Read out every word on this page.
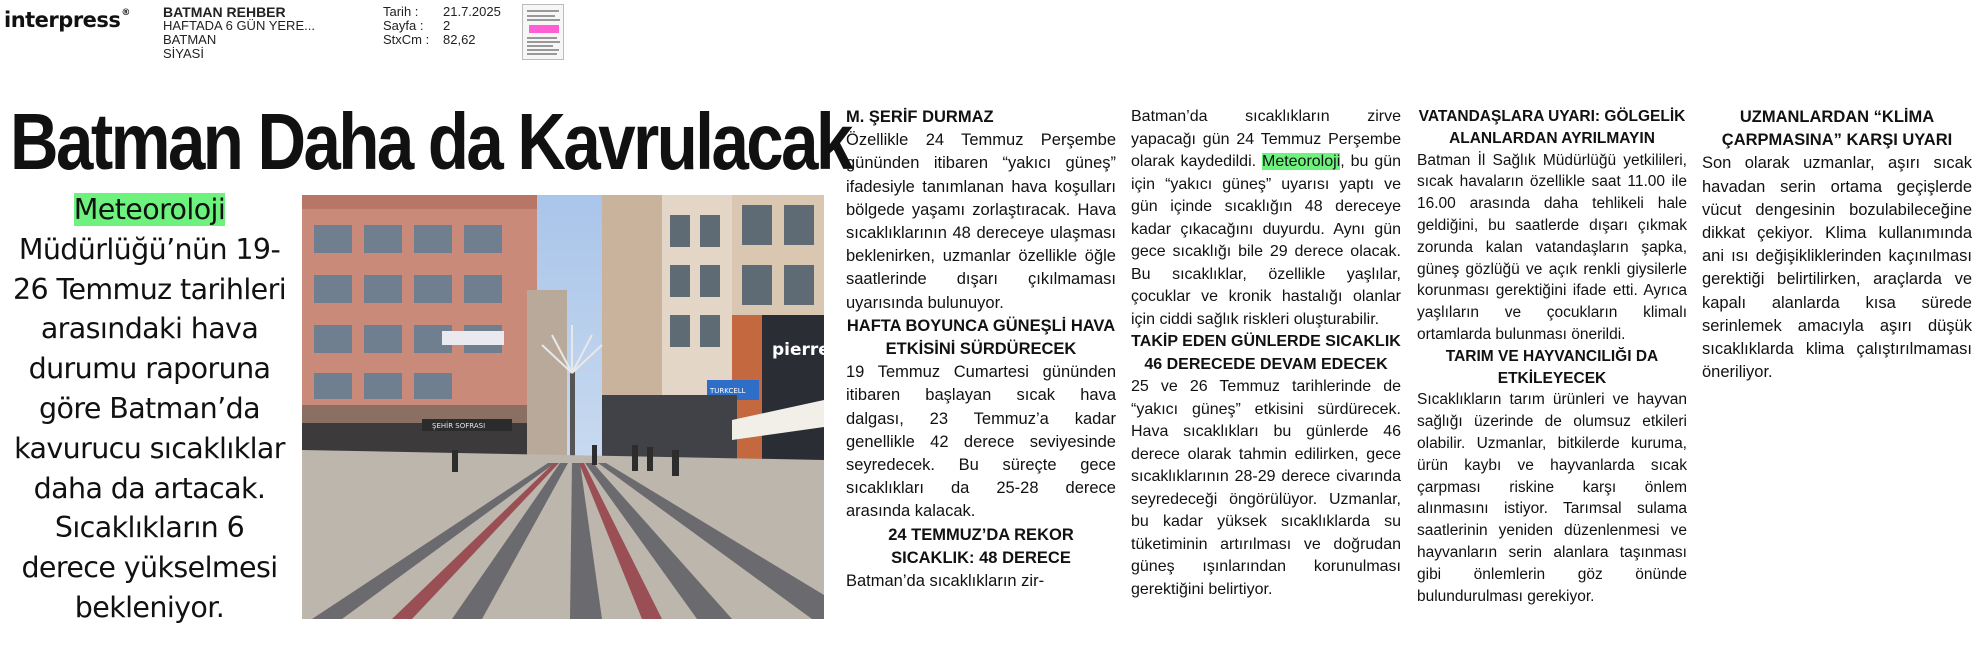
interpress® BATMAN REHBER
HAFTADA 6 GÜN YERE...
BATMAN
SİYASİ
Tarih :	21.7.2025
Sayfa :	2
StxCm :	82,62
Batman Daha da Kavrulacak
Meteoroloji Müdürlüğü’nün 19-26 Temmuz tarihleri arasındaki hava durumu raporuna göre Batman’da kavurucu sıcaklıklar daha da artacak. Sıcaklıkların 6 derece yükselmesi bekleniyor.
ŞEHİR SOFRASI
pierre
TURKCELL

M. ŞERİF DURMAZ

Özellikle 24 Temmuz Perşembe gününden itibaren “yakıcı güneş” ifadesiyle tanımlanan hava koşulları bölgede yaşamı zorlaştıracak. Hava sıcaklıklarının 48 dereceye ulaşması beklenirken, uzmanlar özellikle öğle saatlerinde dışarı çıkılmaması uyarısında bulunuyor.

HAFTA BOYUNCA GÜNEŞLİ HAVA ETKİSİNİ SÜRDÜRECEK

19 Temmuz Cumartesi gününden itibaren başlayan sıcak hava dalgası, 23 Temmuz’a kadar genellikle 42 derece seviyesinde seyredecek. Bu süreçte gece sıcaklıkları da 25-28 derece arasında kalacak.

24 TEMMUZ’DA REKOR SICAKLIK: 48 DERECE

Batman’da sıcaklıkların zir-

Batman’da sıcaklıkların zirve yapacağı gün 24 Temmuz Perşembe olarak kaydedildi. Meteoroloji, bu gün için “yakıcı güneş” uyarısı yaptı ve gün içinde sıcaklığın 48 dereceye kadar çıkacağını duyurdu. Aynı gün gece sıcaklığı bile 29 derece olacak. Bu sıcaklıklar, özellikle yaşlılar, çocuklar ve kronik hastalığı olanlar için ciddi sağlık riskleri oluşturabilir.

TAKİP EDEN GÜNLERDE SICAKLIK 46 DERECEDE DEVAM EDECEK

25 ve 26 Temmuz tarihlerinde de “yakıcı güneş” etkisini sürdürecek. Hava sıcaklıkları bu günlerde 46 derece olarak tahmin edilirken, gece sıcaklıklarının 28-29 derece civarında seyredeceği öngörülüyor. Uzmanlar, bu kadar yüksek sıcaklıklarda su tüketiminin artırılması ve doğrudan güneş ışınlarından korunulması gerektiğini belirtiyor.

VATANDAŞLARA UYARI: GÖLGELİK ALANLARDAN AYRILMAYIN

Batman İl Sağlık Müdürlüğü yetkilileri, sıcak havaların özellikle saat 11.00 ile 16.00 arasında daha tehlikeli hale geldiğini, bu saatlerde dışarı çıkmak zorunda kalan vatandaşların şapka, güneş gözlüğü ve açık renkli giysilerle korunması gerektiğini ifade etti. Ayrıca yaşlıların ve çocukların klimalı ortamlarda bulunması önerildi.

TARIM VE HAYVANCILIĞI DA ETKİLEYECEK

Sıcaklıkların tarım ürünleri ve hayvan sağlığı üzerinde de olumsuz etkileri olabilir. Uzmanlar, bitkilerde kuruma, ürün kaybı ve hayvanlarda sıcak çarpması riskine karşı önlem alınmasını istiyor. Tarımsal sulama saatlerinin yeniden düzenlenmesi ve hayvanların serin alanlara taşınması gibi önlemlerin göz önünde bulundurulması gerekiyor.

UZMANLARDAN “KLİMA ÇARPMASINA” KARŞI UYARI

Son olarak uzmanlar, aşırı sıcak havadan serin ortama geçişlerde vücut dengesinin bozulabileceğine dikkat çekiyor. Klima kullanımında ani ısı değişikliklerinden kaçınılması gerektiği belirtilirken, araçlarda ve kapalı alanlarda kısa sürede serinlemek amacıyla aşırı düşük sıcaklıklarda klima çalıştırılmaması öneriliyor.
